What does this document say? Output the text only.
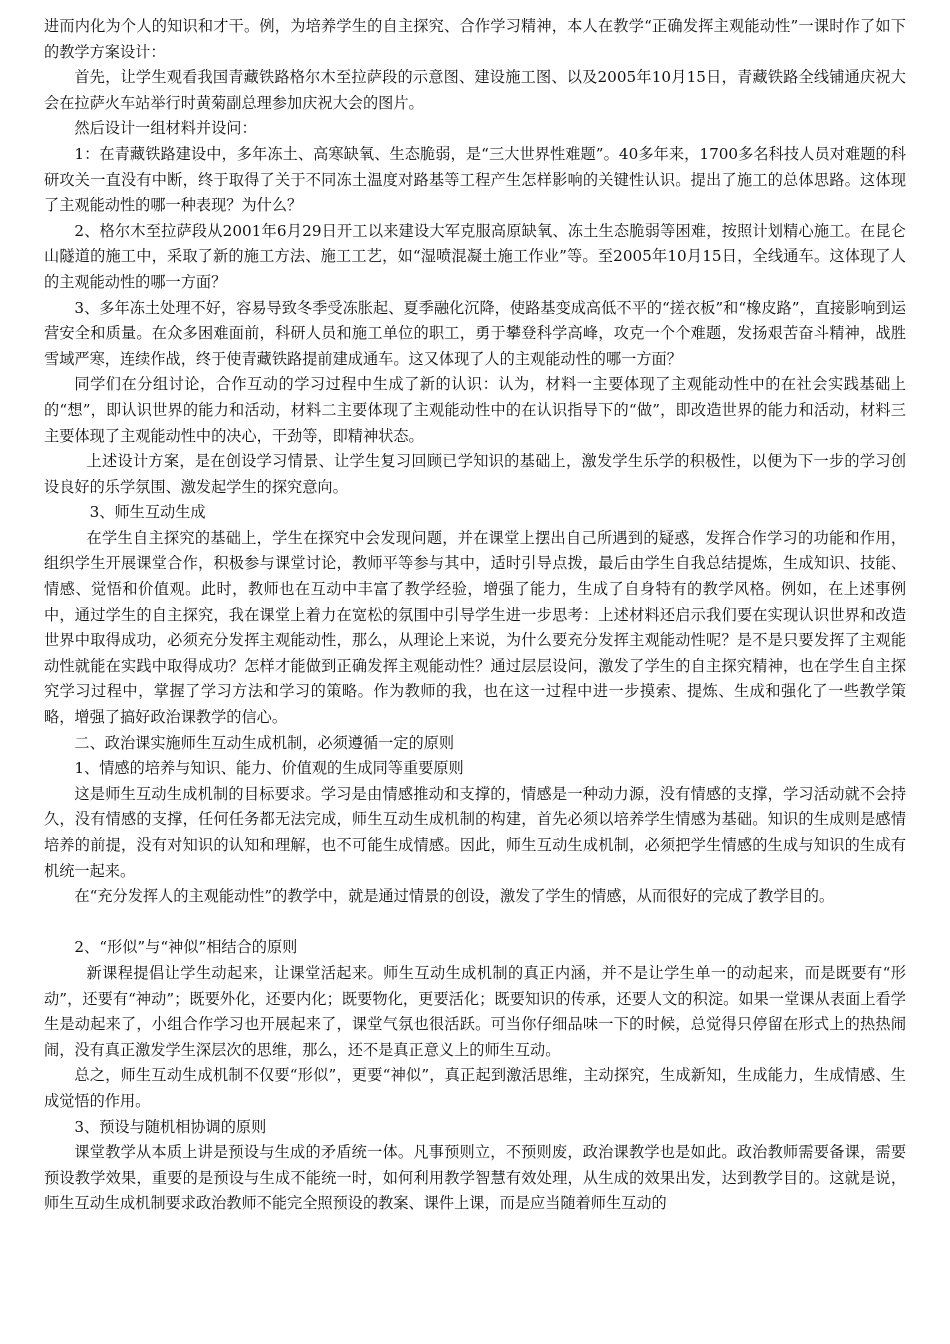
进而内化为个人的知识和才干。例，为培养学生的自主探究、合作学习精神，本人在教学“正确发挥主观能动性”一课时作了如下的教学方案设计：

首先，让学生观看我国青藏铁路格尔木至拉萨段的示意图、建设施工图、以及2005年10月15日，青藏铁路全线铺通庆祝大会在拉萨火车站举行时黄菊副总理参加庆祝大会的图片。

然后设计一组材料并设问：

1：在青藏铁路建设中，多年冻土、高寒缺氧、生态脆弱，是“三大世界性难题”。40多年来，1700多名科技人员对难题的科研攻关一直没有中断，终于取得了关于不同冻土温度对路基等工程产生怎样影响的关键性认识。提出了施工的总体思路。这体现了主观能动性的哪一种表现？为什么？

2、格尔木至拉萨段从2001年6月29日开工以来建设大军克服高原缺氧、冻土生态脆弱等困难，按照计划精心施工。在昆仑山隧道的施工中，采取了新的施工方法、施工工艺，如“湿喷混凝土施工作业”等。至2005年10月15日，全线通车。这体现了人的主观能动性的哪一方面？

3、多年冻土处理不好，容易导致冬季受冻胀起、夏季融化沉降，使路基变成高低不平的“搓衣板”和“橡皮路”，直接影响到运营安全和质量。在众多困难面前，科研人员和施工单位的职工，勇于攀登科学高峰，攻克一个个难题，发扬艰苦奋斗精神，战胜雪域严寒，连续作战，终于使青藏铁路提前建成通车。这又体现了人的主观能动性的哪一方面？

同学们在分组讨论，合作互动的学习过程中生成了新的认识：认为，材料一主要体现了主观能动性中的在社会实践基础上的“想”，即认识世界的能力和活动，材料二主要体现了主观能动性中的在认识指导下的“做”，即改造世界的能力和活动，材料三主要体现了主观能动性中的决心，干劲等，即精神状态。

上述设计方案，是在创设学习情景、让学生复习回顾已学知识的基础上，激发学生乐学的积极性，以便为下一步的学习创设良好的乐学氛围、激发起学生的探究意向。

3、师生互动生成

在学生自主探究的基础上，学生在探究中会发现问题，并在课堂上摆出自己所遇到的疑惑，发挥合作学习的功能和作用，组织学生开展课堂合作，积极参与课堂讨论，教师平等参与其中，适时引导点拨，最后由学生自我总结提炼，生成知识、技能、情感、觉悟和价值观。此时，教师也在互动中丰富了教学经验，增强了能力，生成了自身特有的教学风格。例如，在上述事例中，通过学生的自主探究，我在课堂上着力在宽松的氛围中引导学生进一步思考：上述材料还启示我们要在实现认识世界和改造世界中取得成功，必须充分发挥主观能动性，那么，从理论上来说，为什么要充分发挥主观能动性呢？是不是只要发挥了主观能动性就能在实践中取得成功？怎样才能做到正确发挥主观能动性？通过层层设问，激发了学生的自主探究精神，也在学生自主探究学习过程中，掌握了学习方法和学习的策略。作为教师的我，也在这一过程中进一步摸索、提炼、生成和强化了一些教学策略，增强了搞好政治课教学的信心。

二、政治课实施师生互动生成机制，必须遵循一定的原则

1、情感的培养与知识、能力、价值观的生成同等重要原则

这是师生互动生成机制的目标要求。学习是由情感推动和支撑的，情感是一种动力源，没有情感的支撑，学习活动就不会持久，没有情感的支撑，任何任务都无法完成，师生互动生成机制的构建，首先必须以培养学生情感为基础。知识的生成则是感情培养的前提，没有对知识的认知和理解，也不可能生成情感。因此，师生互动生成机制，必须把学生情感的生成与知识的生成有机统一起来。

在“充分发挥人的主观能动性”的教学中，就是通过情景的创设，激发了学生的情感，从而很好的完成了教学目的。

2、“形似”与“神似”相结合的原则

新课程提倡让学生动起来，让课堂活起来。师生互动生成机制的真正内涵，并不是让学生单一的动起来，而是既要有“形动”，还要有“神动”；既要外化，还要内化；既要物化，更要活化；既要知识的传承，还要人文的积淀。如果一堂课从表面上看学生是动起来了，小组合作学习也开展起来了，课堂气氛也很活跃。可当你仔细品味一下的时候，总觉得只停留在形式上的热热闹闹，没有真正激发学生深层次的思维，那么，还不是真正意义上的师生互动。

总之，师生互动生成机制不仅要“形似”，更要“神似”，真正起到激活思维，主动探究，生成新知，生成能力，生成情感、生成觉悟的作用。

3、预设与随机相协调的原则

课堂教学从本质上讲是预设与生成的矛盾统一体。凡事预则立，不预则废，政治课教学也是如此。政治教师需要备课，需要预设教学效果，重要的是预设与生成不能统一时，如何利用教学智慧有效处理，从生成的效果出发，达到教学目的。这就是说，师生互动生成机制要求政治教师不能完全照预设的教案、课件上课，而是应当随着师生互动的
